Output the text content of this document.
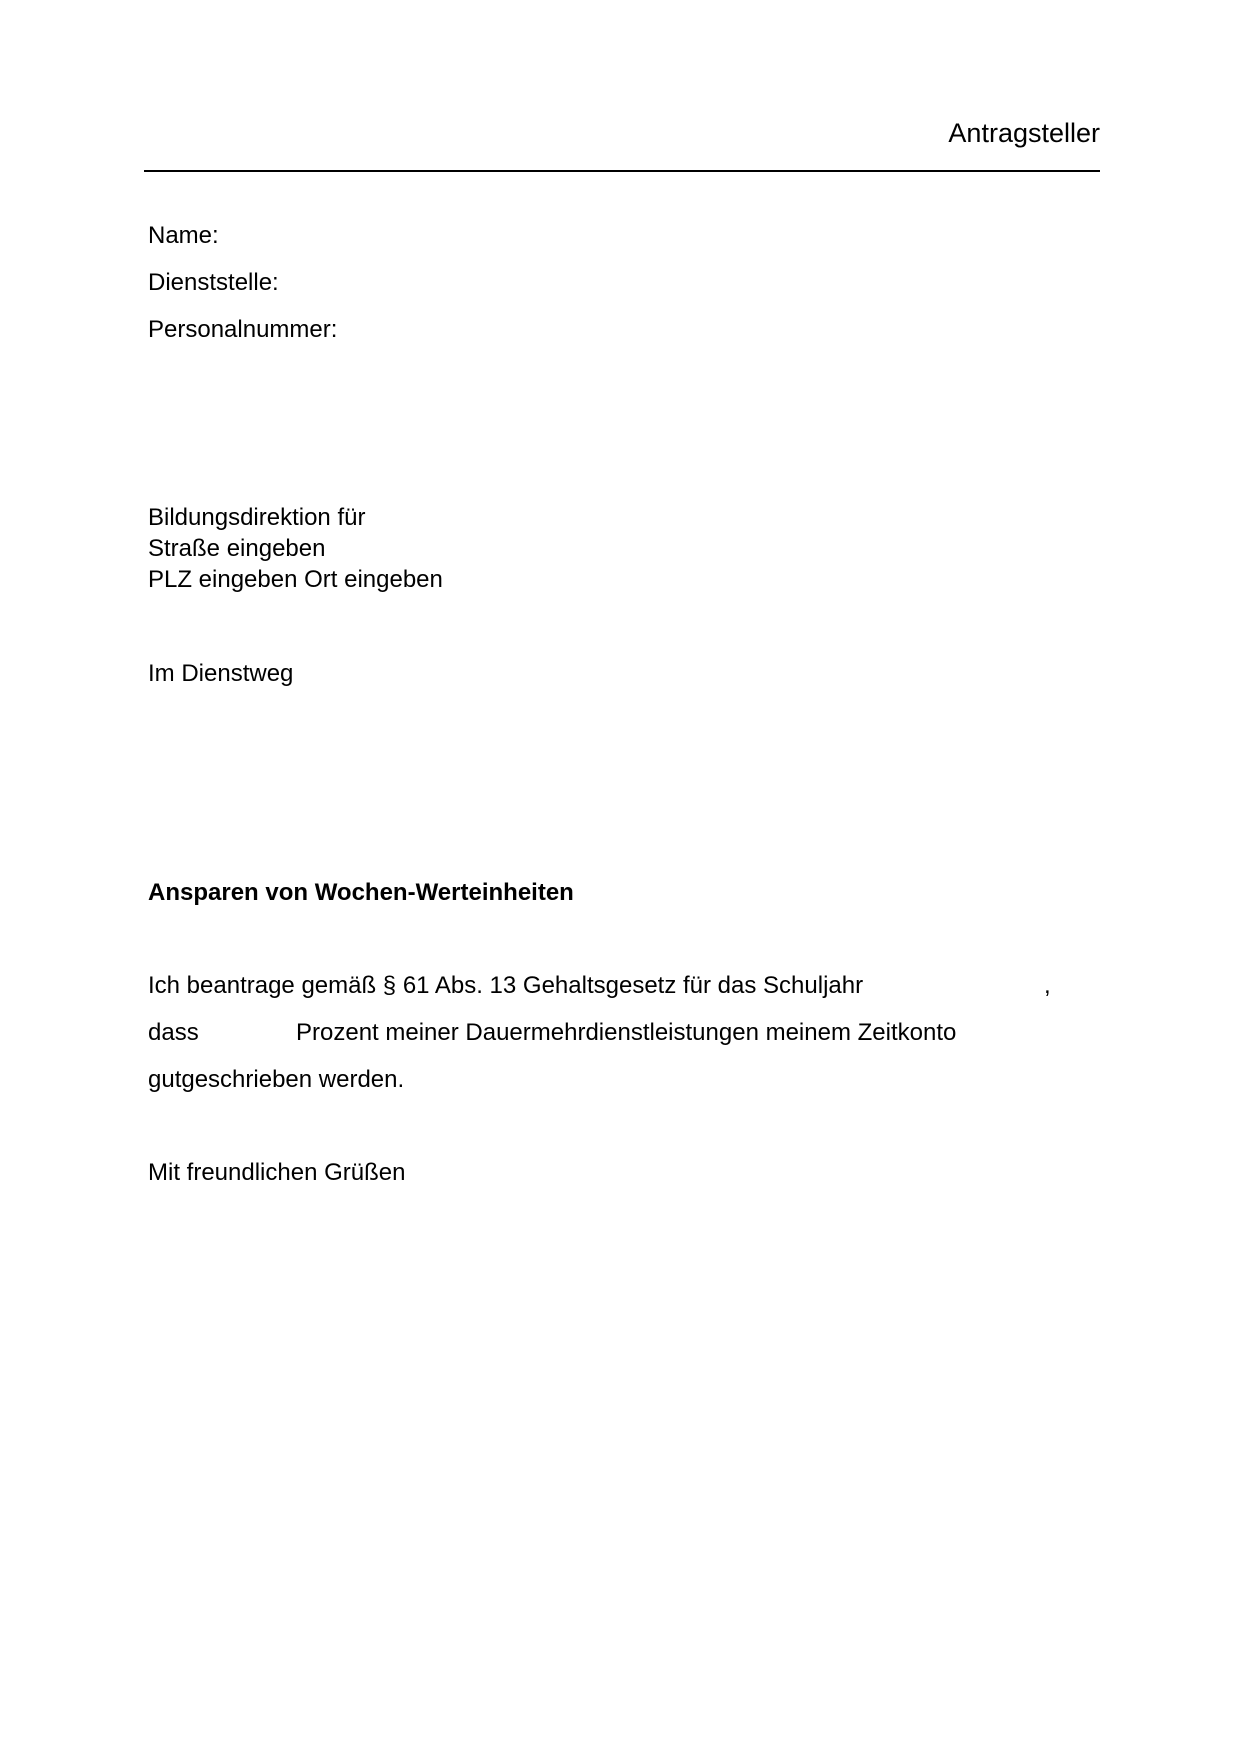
Antragsteller
Name:
Dienststelle:
Personalnummer:
Bildungsdirektion für
Straße eingeben
PLZ eingeben Ort eingeben
Im Dienstweg
Ansparen von Wochen-Werteinheiten
Ich beantrage gemäß § 61 Abs. 13 Gehaltsgesetz für das Schuljahr	,
dass	Prozent meiner Dauermehrdienstleistungen meinem Zeitkonto
gutgeschrieben werden.
Mit freundlichen Grüßen
